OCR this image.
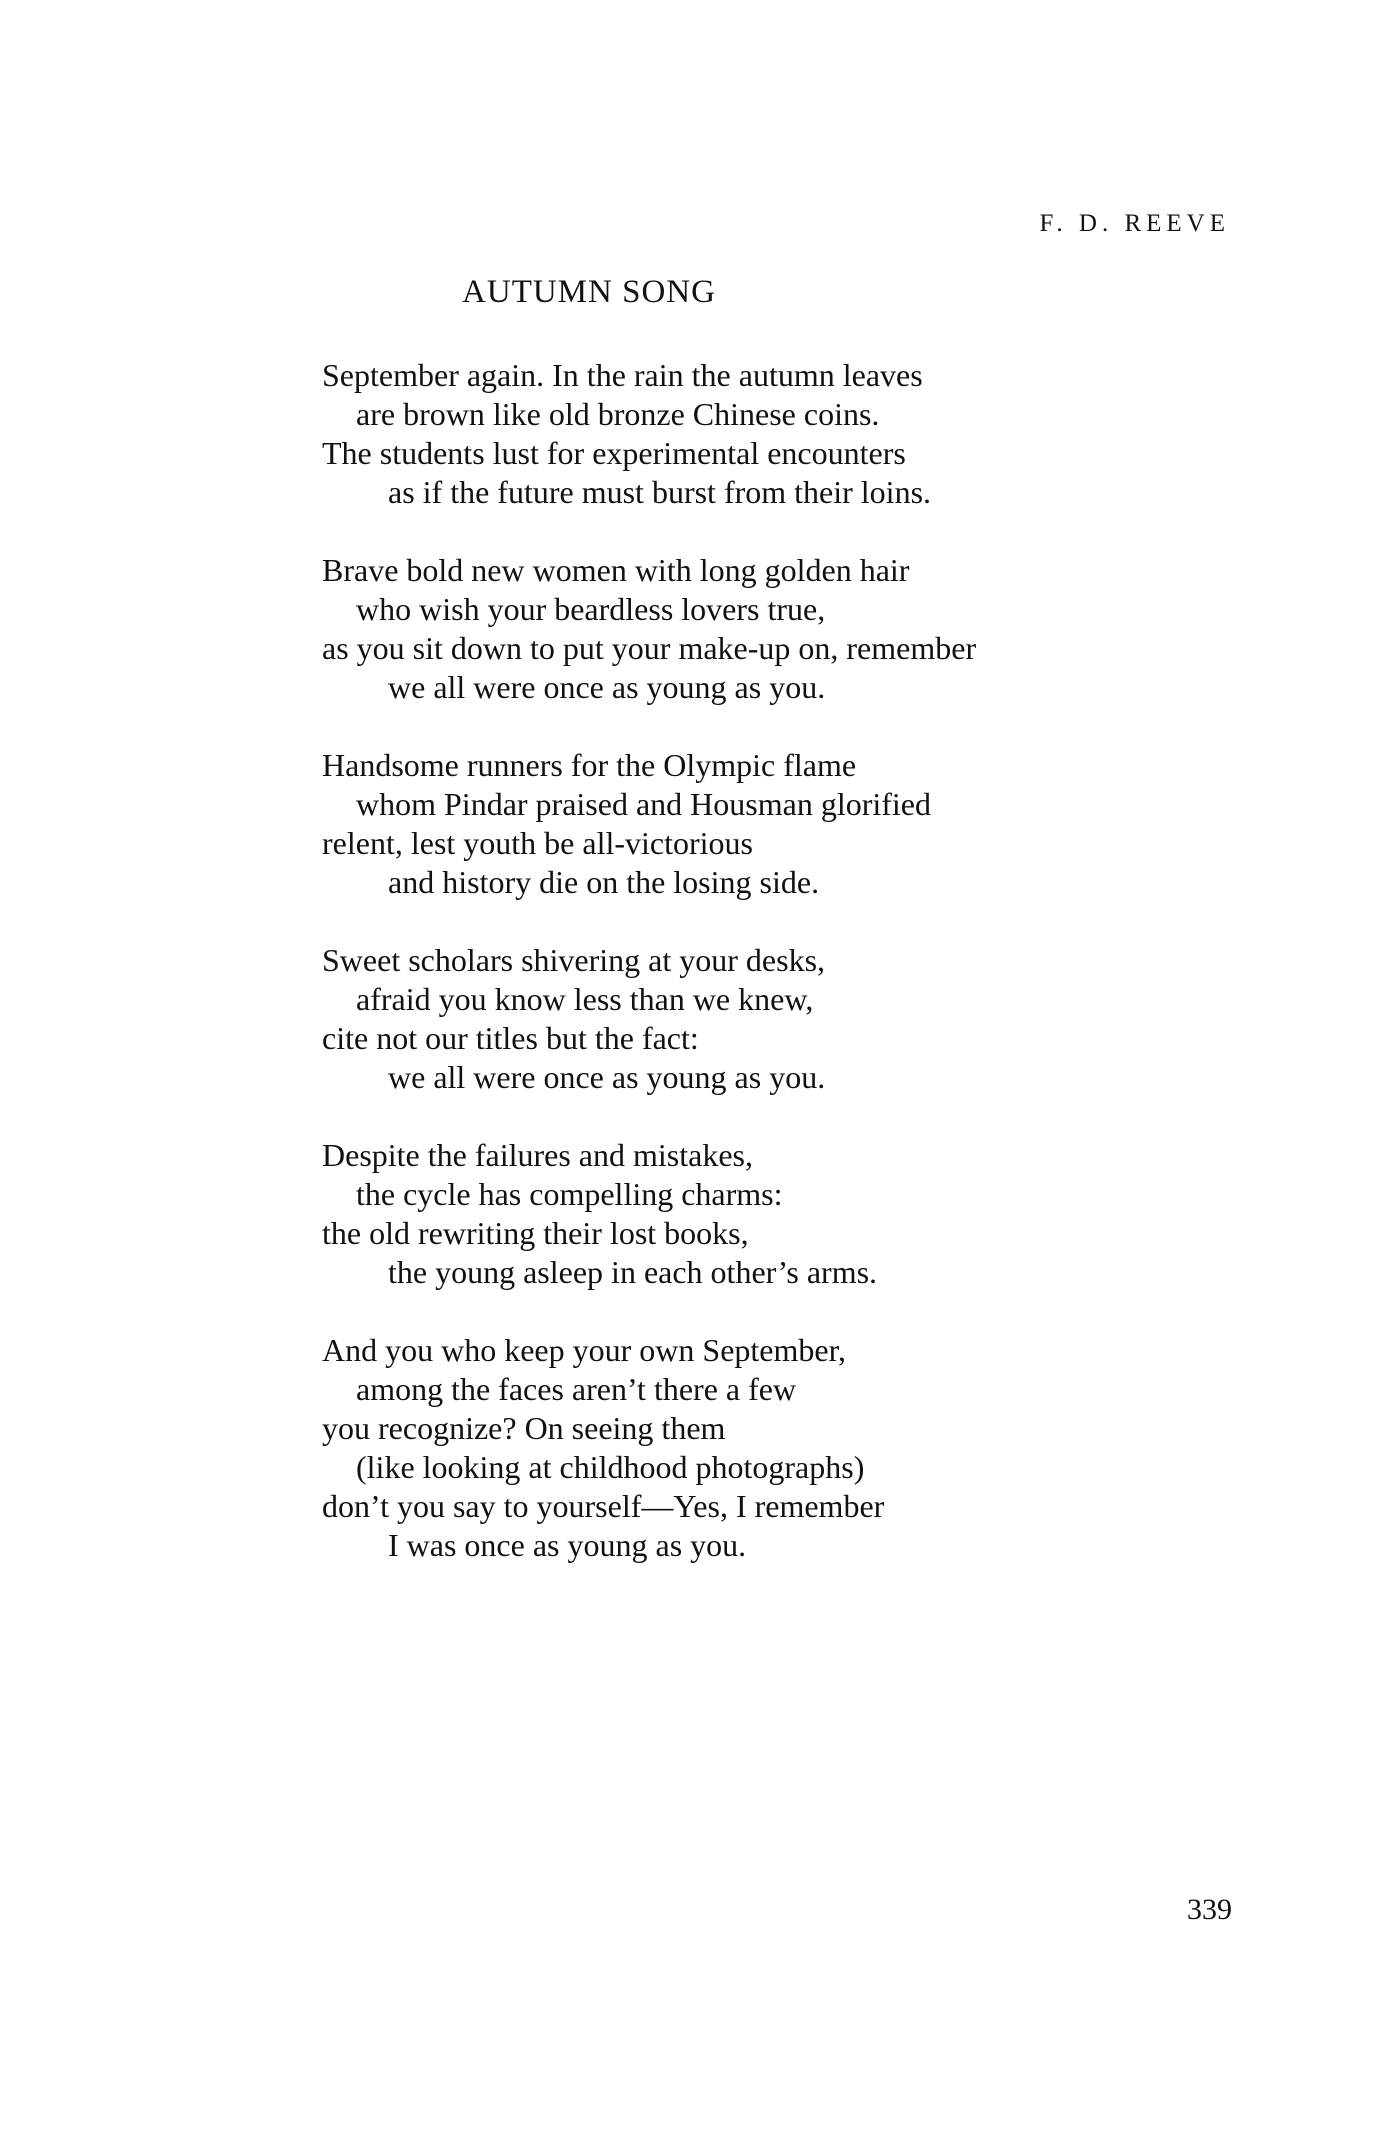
F. D. REEVE
AUTUMN SONG
September again. In the rain the autumn leaves
are brown like old bronze Chinese coins.
The students lust for experimental encounters
as if the future must burst from their loins.
Brave bold new women with long golden hair
who wish your beardless lovers true,
as you sit down to put your make-up on, remember
we all were once as young as you.
Handsome runners for the Olympic flame
whom Pindar praised and Housman glorified
relent, lest youth be all-victorious
and history die on the losing side.
Sweet scholars shivering at your desks,
afraid you know less than we knew,
cite not our titles but the fact:
we all were once as young as you.
Despite the failures and mistakes,
the cycle has compelling charms:
the old rewriting their lost books,
the young asleep in each other’s arms.
And you who keep your own September,
among the faces aren’t there a few
you recognize? On seeing them
(like looking at childhood photographs)
don’t you say to yourself—Yes, I remember
I was once as young as you.
339
